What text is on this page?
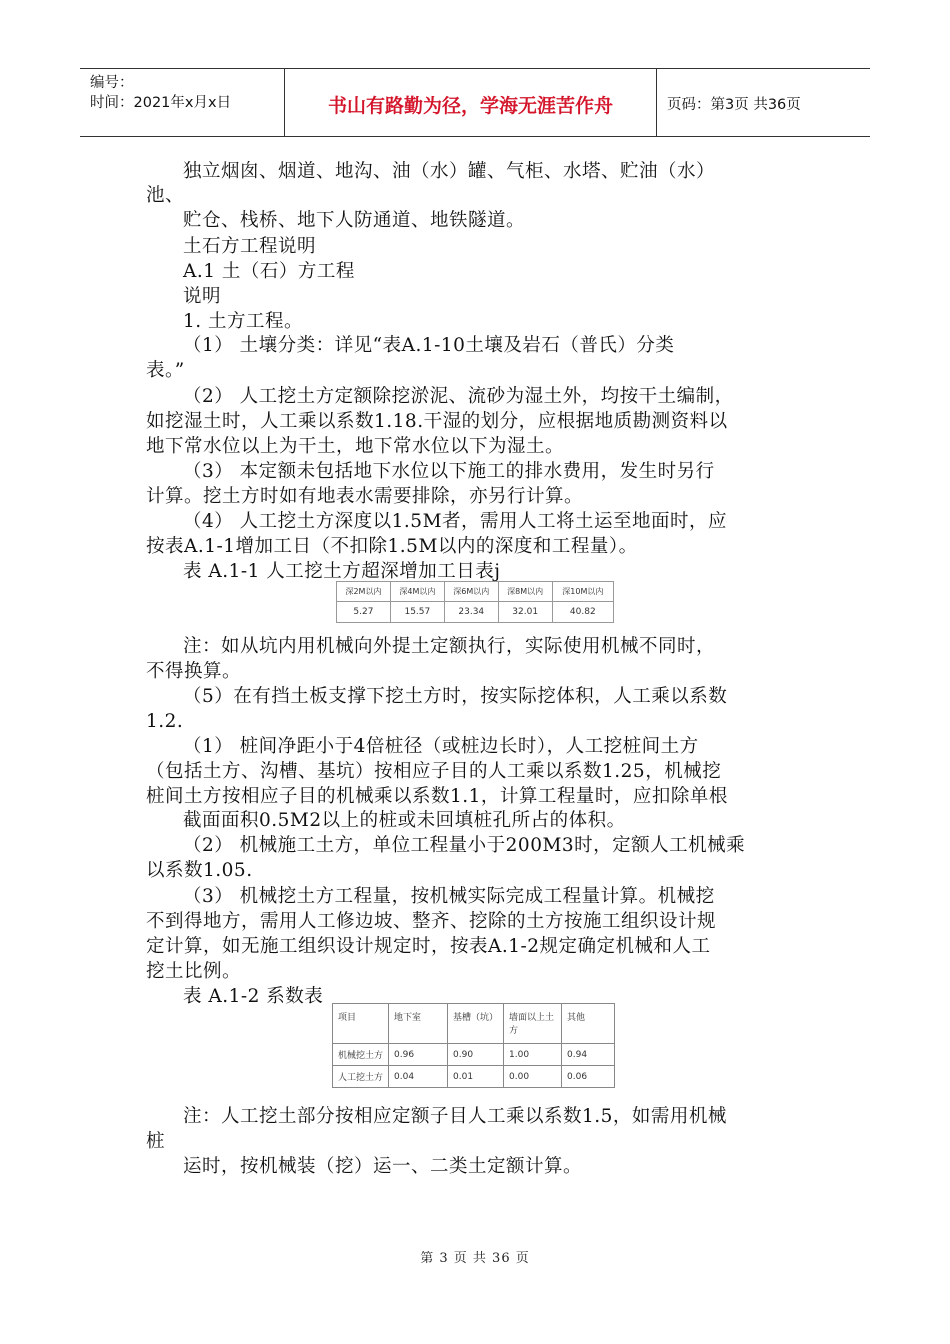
编号：
时间：2021年x月x日	书山有路勤为径，学海无涯苦作舟	页码：第3页 共36页
独立烟囱、烟道、地沟、油（水）罐、气柜、水塔、贮油（水）
池、
贮仓、栈桥、地下人防通道、地铁隧道。
土石方工程说明
A.1 土（石）方工程
说明
1. 土方工程。
（1） 土壤分类：详见“表A.1-10土壤及岩石（普氏）分类
表。”
（2） 人工挖土方定额除挖淤泥、流砂为湿土外，均按干土编制，
如挖湿土时，人工乘以系数1.18.干湿的划分，应根据地质勘测资料以
地下常水位以上为干土，地下常水位以下为湿土。
（3） 本定额未包括地下水位以下施工的排水费用，发生时另行
计算。挖土方时如有地表水需要排除，亦另行计算。
（4） 人工挖土方深度以1.5M者，需用人工将土运至地面时，应
按表A.1-1增加工日（不扣除1.5M以内的深度和工程量）。
表 A.1-1 人工挖土方超深增加工日表j
深2M以内	深4M以内	深6M以内	深8M以内	深10M以内
5.27	15.57	23.34	32.01	40.82
注：如从坑内用机械向外提土定额执行，实际使用机械不同时，
不得换算。
（5）在有挡土板支撑下挖土方时，按实际挖体积，人工乘以系数
1.2.
（1） 桩间净距小于4倍桩径（或桩边长时），人工挖桩间土方
（包括土方、沟槽、基坑）按相应子目的人工乘以系数1.25，机械挖
桩间土方按相应子目的机械乘以系数1.1，计算工程量时，应扣除单根
截面面积0.5M2以上的桩或未回填桩孔所占的体积。
（2） 机械施工土方，单位工程量小于200M3时，定额人工机械乘
以系数1.05.
（3） 机械挖土方工程量，按机械实际完成工程量计算。机械挖
不到得地方，需用人工修边坡、整齐、挖除的土方按施工组织设计规
定计算，如无施工组织设计规定时，按表A.1-2规定确定机械和人工
挖土比例。
表 A.1-2 系数表
项目	地下室	基槽（坑）	墙面以上土方	其他
机械挖土方	0.96	0.90	1.00	0.94
人工挖土方	0.04	0.01	0.00	0.06
注：人工挖土部分按相应定额子目人工乘以系数1.5，如需用机械
桩
运时，按机械装（挖）运一、二类土定额计算。
第 3 页 共 36 页
